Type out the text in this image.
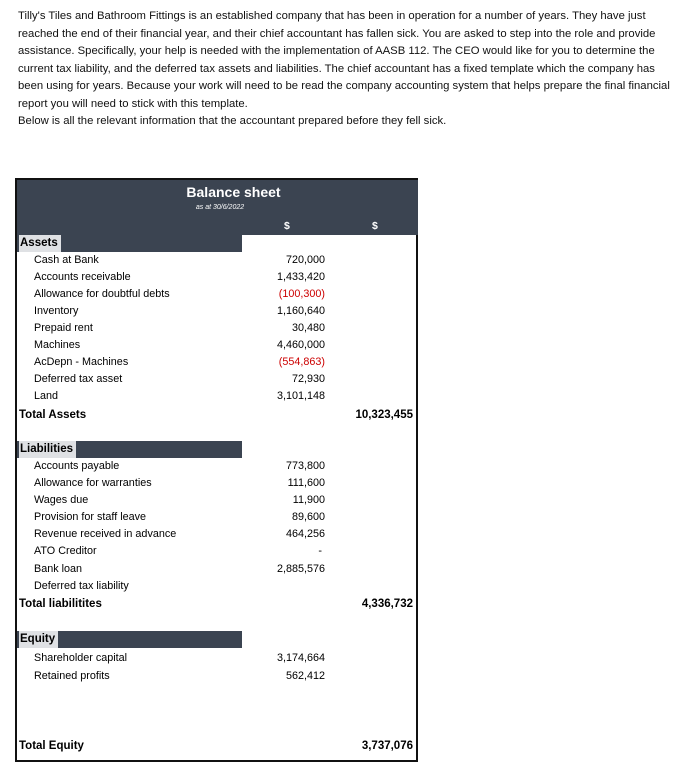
Tilly's Tiles and Bathroom Fittings is an established company that has been in operation for a number of years. They have just reached the end of their financial year, and their chief accountant has fallen sick. You are asked to step into the role and provide assistance. Specifically, your help is needed with the implementation of AASB 112. The CEO would like for you to determine the current tax liability, and the deferred tax assets and liabilities. The chief accountant has a fixed template which the company has been using for years. Because your work will need to be read the company accounting system that helps prepare the final financial report you will need to stick with this template.

Below is all the relevant information that the accountant prepared before they fell sick.

Balance sheet
as at 30/6/2022
$	$
Assets
Cash at Bank	720,000
Accounts receivable	1,433,420
Allowance for doubtful debts	(100,300)
Inventory	1,160,640
Prepaid rent	30,480
Machines	4,460,000
AcDepn - Machines	(554,863)
Deferred tax asset	72,930
Land	3,101,148
Total Assets	10,323,455
Liabilities
Accounts payable	773,800
Allowance for warranties	111,600
Wages due	11,900
Provision for staff leave	89,600
Revenue received in advance	464,256
ATO Creditor	-
Bank loan	2,885,576
Deferred tax liability
Total liabilitites	4,336,732
Equity
Shareholder capital	3,174,664
Retained profits	562,412
Total Equity	3,737,076
